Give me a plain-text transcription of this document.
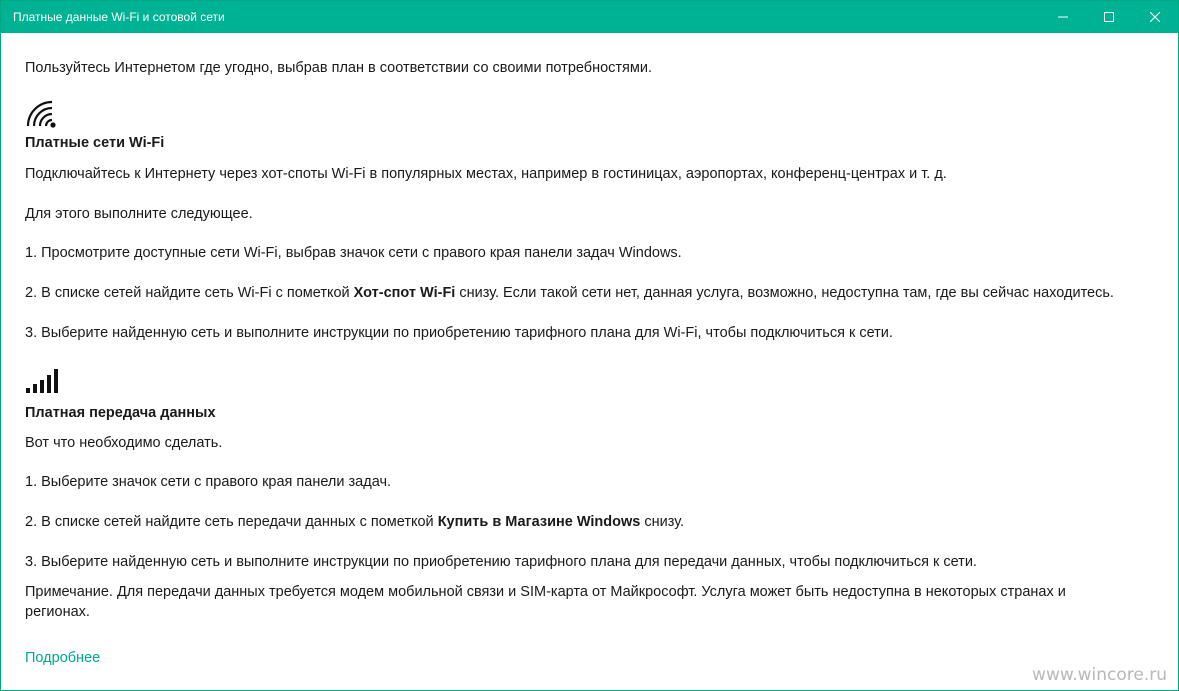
Платные данные Wi-Fi и сотовой сети
Пользуйтесь Интернетом где угодно, выбрав план в соответствии со своими потребностями.
Платные сети Wi-Fi
Подключайтесь к Интернету через хот-споты Wi-Fi в популярных местах, например в гостиницах, аэропортах, конференц-центрах и т. д.
Для этого выполните следующее.
1. Просмотрите доступные сети Wi-Fi, выбрав значок сети с правого края панели задач Windows.
2. В списке сетей найдите сеть Wi-Fi с пометкой Хот-спот Wi-Fi снизу. Если такой сети нет, данная услуга, возможно, недоступна там, где вы сейчас находитесь.
3. Выберите найденную сеть и выполните инструкции по приобретению тарифного плана для Wi-Fi, чтобы подключиться к сети.
Платная передача данных
Вот что необходимо сделать.
1. Выберите значок сети с правого края панели задач.
2. В списке сетей найдите сеть передачи данных с пометкой Купить в Магазине Windows снизу.
3. Выберите найденную сеть и выполните инструкции по приобретению тарифного плана для передачи данных, чтобы подключиться к сети.
Примечание. Для передачи данных требуется модем мобильной связи и SIM-карта от Майкрософт. Услуга может быть недоступна в некоторых странах и
регионах.
Подробнее
www.wincore.ru
